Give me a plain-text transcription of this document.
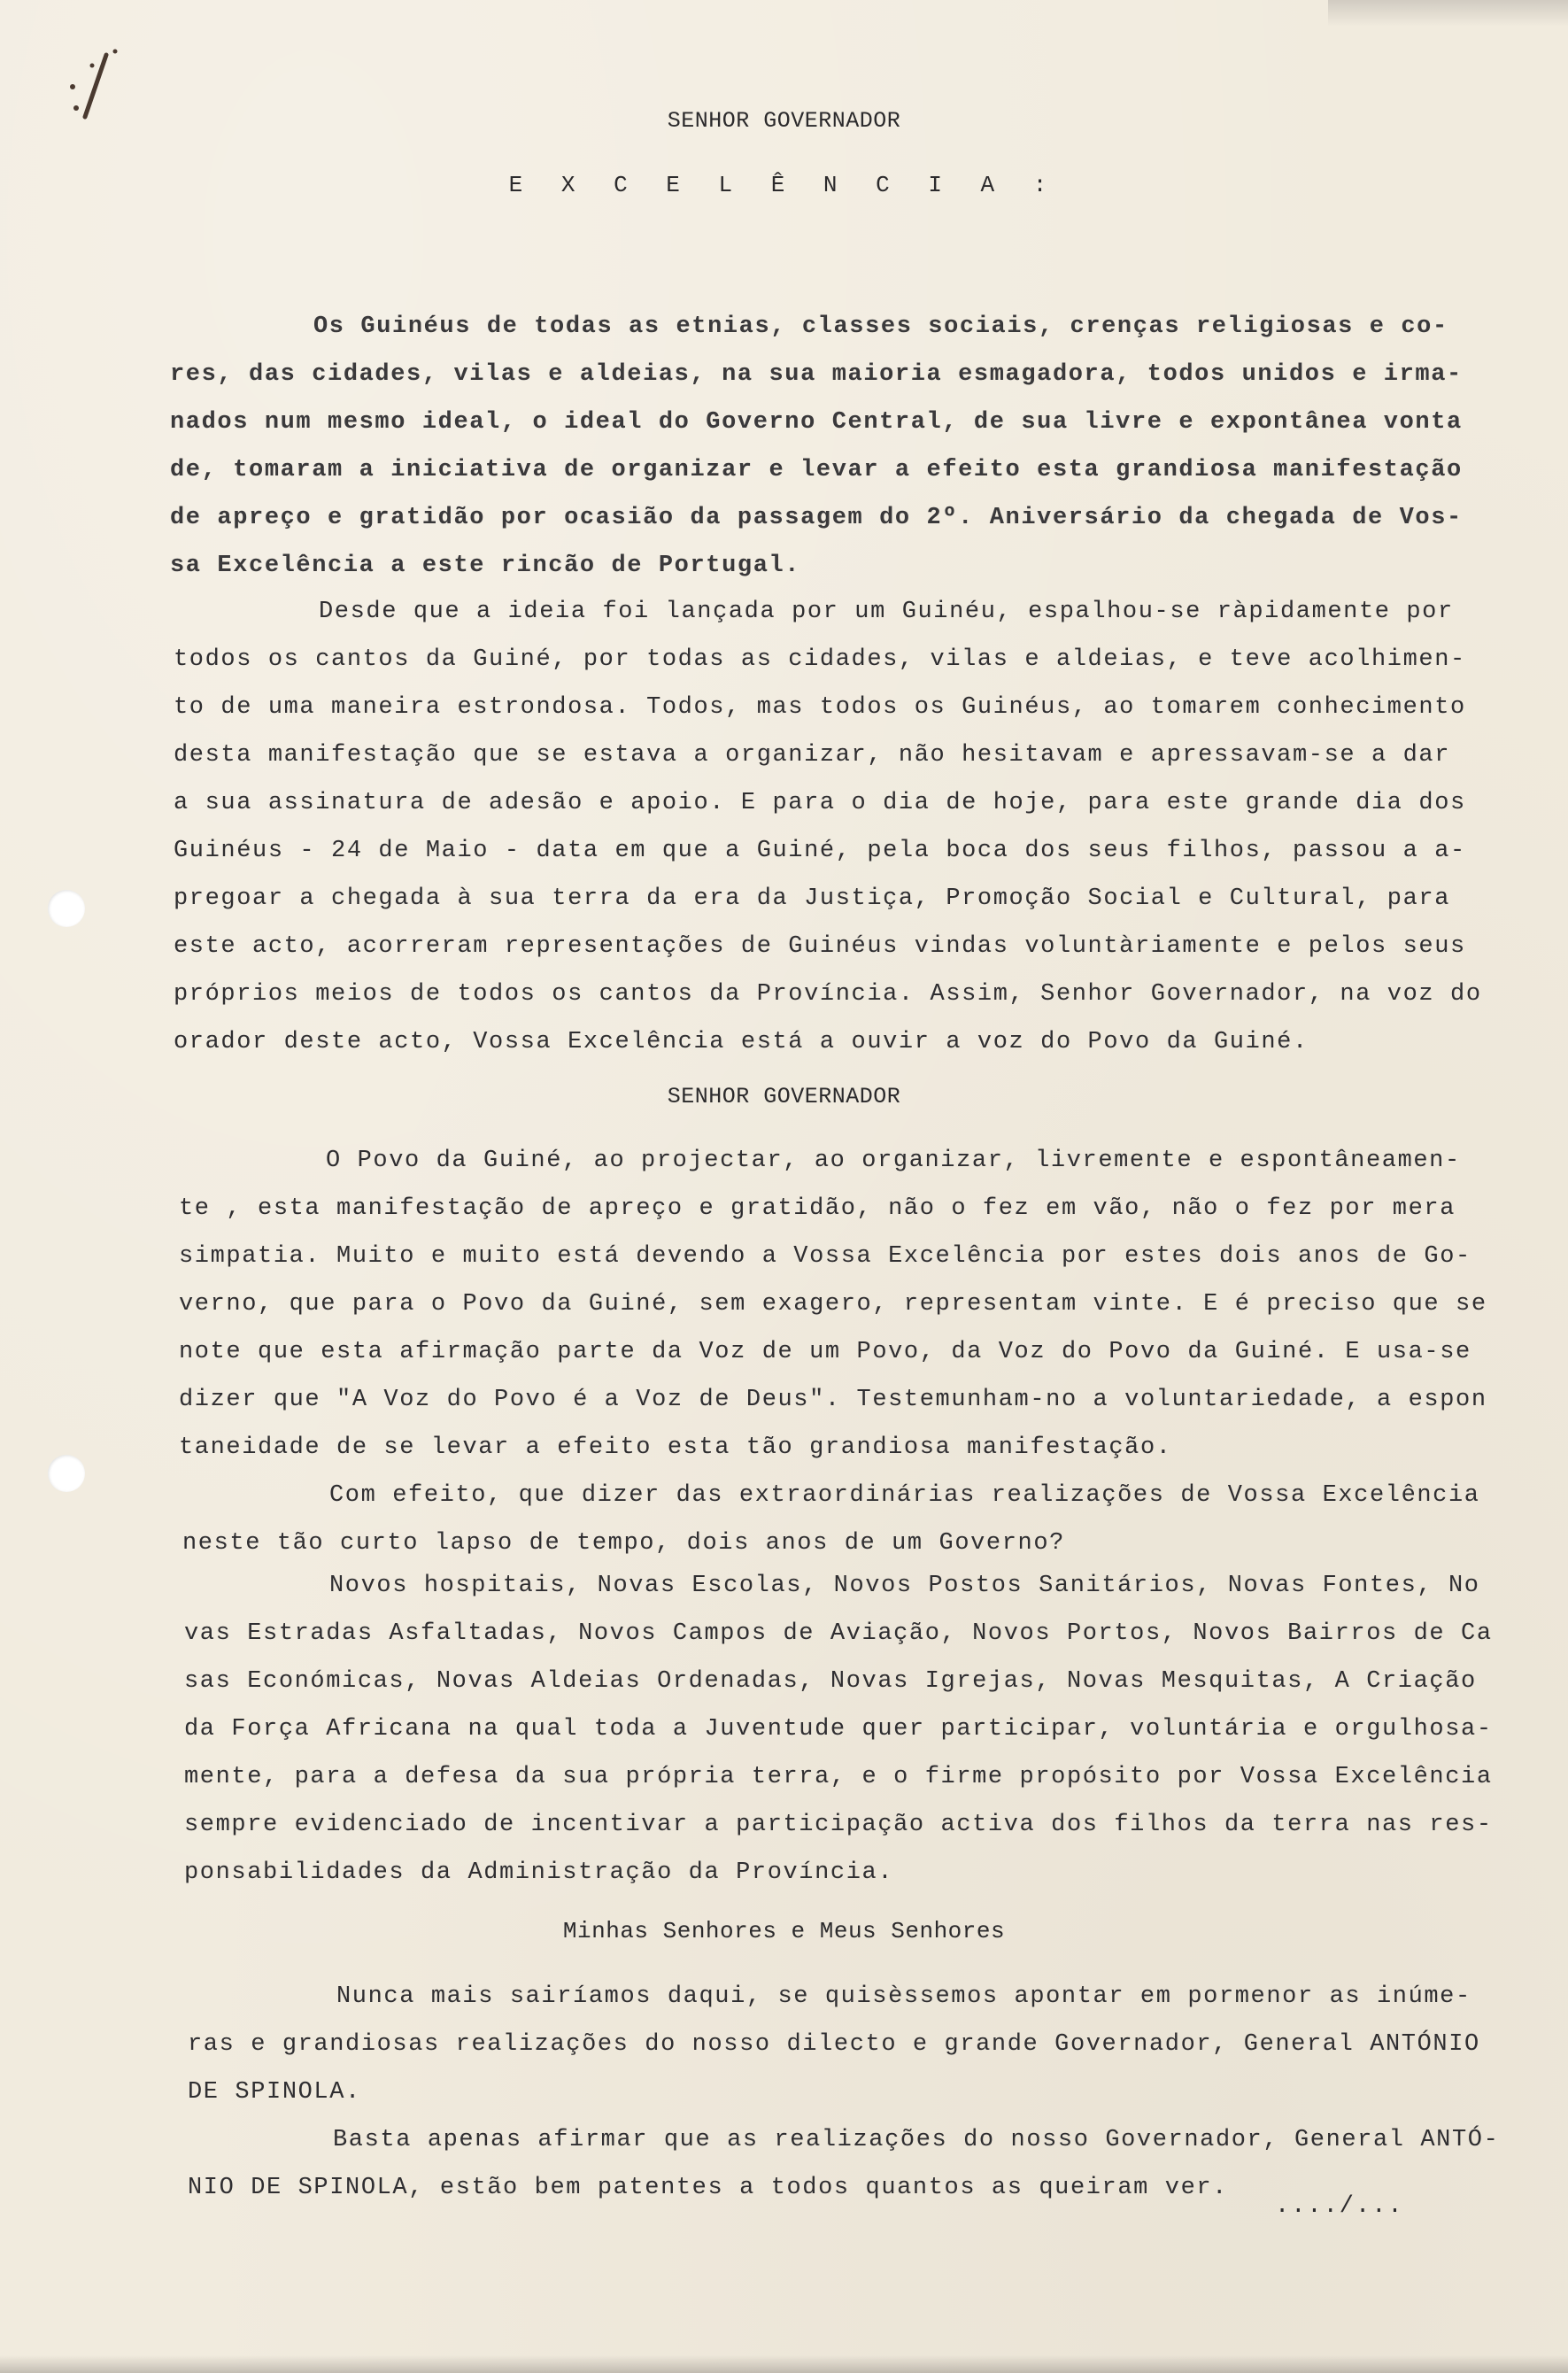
SENHOR GOVERNADOR
E X C E L Ê N C I A :
Os Guinéus de todas as etnias, classes sociais, crenças religiosas e co-
res, das cidades, vilas e aldeias, na sua maioria esmagadora, todos unidos e irma-
nados num mesmo ideal, o ideal do Governo Central, de sua livre e expontânea vonta
de, tomaram a iniciativa de organizar e levar a efeito esta grandiosa manifestação
de apreço e gratidão por ocasião da passagem do 2º. Aniversário da chegada de Vos-
sa Excelência a este rincão de Portugal.
Desde que a ideia foi lançada por um Guinéu, espalhou-se ràpidamente por
todos os cantos da Guiné, por todas as cidades, vilas e aldeias, e teve acolhimen-
to de uma maneira estrondosa. Todos, mas todos os Guinéus, ao tomarem conhecimento
desta manifestação que se estava a organizar, não hesitavam e apressavam-se a dar
a sua assinatura de adesão e apoio. E para o dia de hoje, para este grande dia dos
Guinéus - 24 de Maio - data em que a Guiné, pela boca dos seus filhos, passou a a-
pregoar a chegada à sua terra da era da Justiça, Promoção Social e Cultural, para
este acto, acorreram representações de Guinéus vindas voluntàriamente e pelos seus
próprios meios de todos os cantos da Província. Assim, Senhor Governador, na voz do
orador deste acto, Vossa Excelência está a ouvir a voz do Povo da Guiné.
SENHOR GOVERNADOR
O Povo da Guiné, ao projectar, ao organizar, livremente e espontâneamen-
te , esta manifestação de apreço e gratidão, não o fez em vão, não o fez por mera
simpatia. Muito e muito está devendo a Vossa Excelência por estes dois anos de Go-
verno, que para o Povo da Guiné, sem exagero, representam vinte. E é preciso que se
note que esta afirmação parte da Voz de um Povo, da Voz do Povo da Guiné. E usa-se
dizer que "A Voz do Povo é a Voz de Deus". Testemunham-no a voluntariedade, a espon
taneidade de se levar a efeito esta tão grandiosa manifestação.
Com efeito, que dizer das extraordinárias realizações de Vossa Excelência
neste tão curto lapso de tempo, dois anos de um Governo?
Novos hospitais, Novas Escolas, Novos Postos Sanitários, Novas Fontes, No
vas Estradas Asfaltadas, Novos Campos de Aviação, Novos Portos, Novos Bairros de Ca
sas Económicas, Novas Aldeias Ordenadas, Novas Igrejas, Novas Mesquitas, A Criação
da Força Africana na qual toda a Juventude quer participar, voluntária e orgulhosa-
mente, para a defesa da sua própria terra, e o firme propósito por Vossa Excelência
sempre evidenciado de incentivar a participação activa dos filhos da terra nas res-
ponsabilidades da Administração da Província.
Minhas Senhores e Meus Senhores
Nunca mais sairíamos daqui, se quisèssemos apontar em pormenor as inúme-
ras e grandiosas realizações do nosso dilecto e grande Governador, General ANTÓNIO
DE SPINOLA.
Basta apenas afirmar que as realizações do nosso Governador, General ANTÓ-
NIO DE SPINOLA, estão bem patentes a todos quantos as queiram ver.
..../...
